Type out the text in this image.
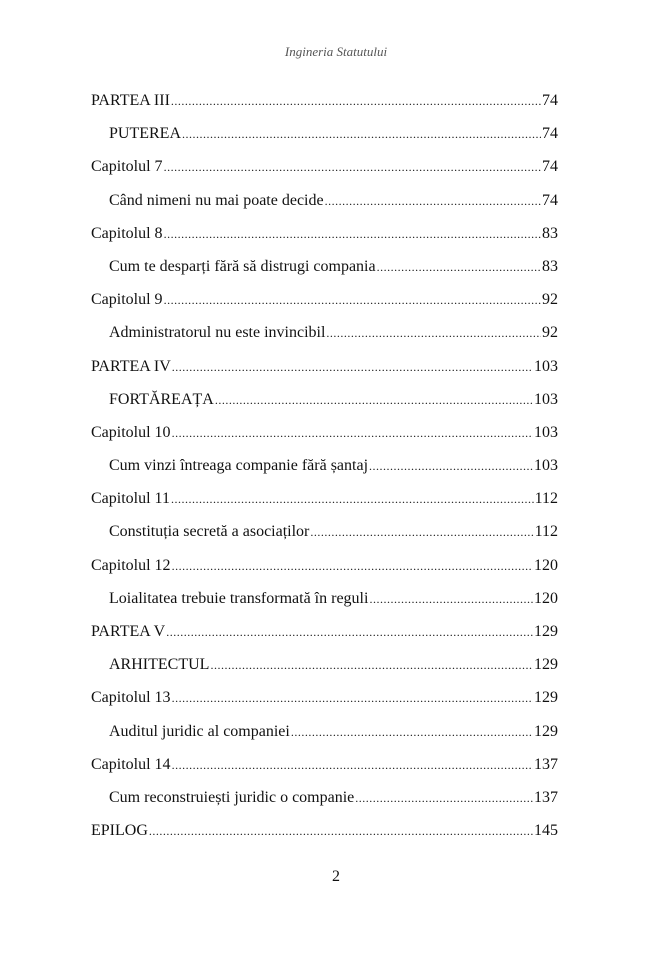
Ingineria Statutului
PARTEA III .....	74
PUTEREA .....	74
Capitolul 7 .....	74
Când nimeni nu mai poate decide .....	74
Capitolul 8 .....	83
Cum te desparți fără să distrugi compania .....	83
Capitolul 9 .....	92
Administratorul nu este invincibil .....	92
PARTEA IV .....	103
FORTĂREAȚA .....	103
Capitolul 10 .....	103
Cum vinzi întreaga companie fără șantaj .....	103
Capitolul 11 .....	112
Constituția secretă a asociaților .....	112
Capitolul 12 .....	120
Loialitatea trebuie transformată în reguli .....	120
PARTEA V .....	129
ARHITECTUL .....	129
Capitolul 13 .....	129
Auditul juridic al companiei .....	129
Capitolul 14 .....	137
Cum reconstruiești juridic o companie .....	137
EPILOG .....	145
2
